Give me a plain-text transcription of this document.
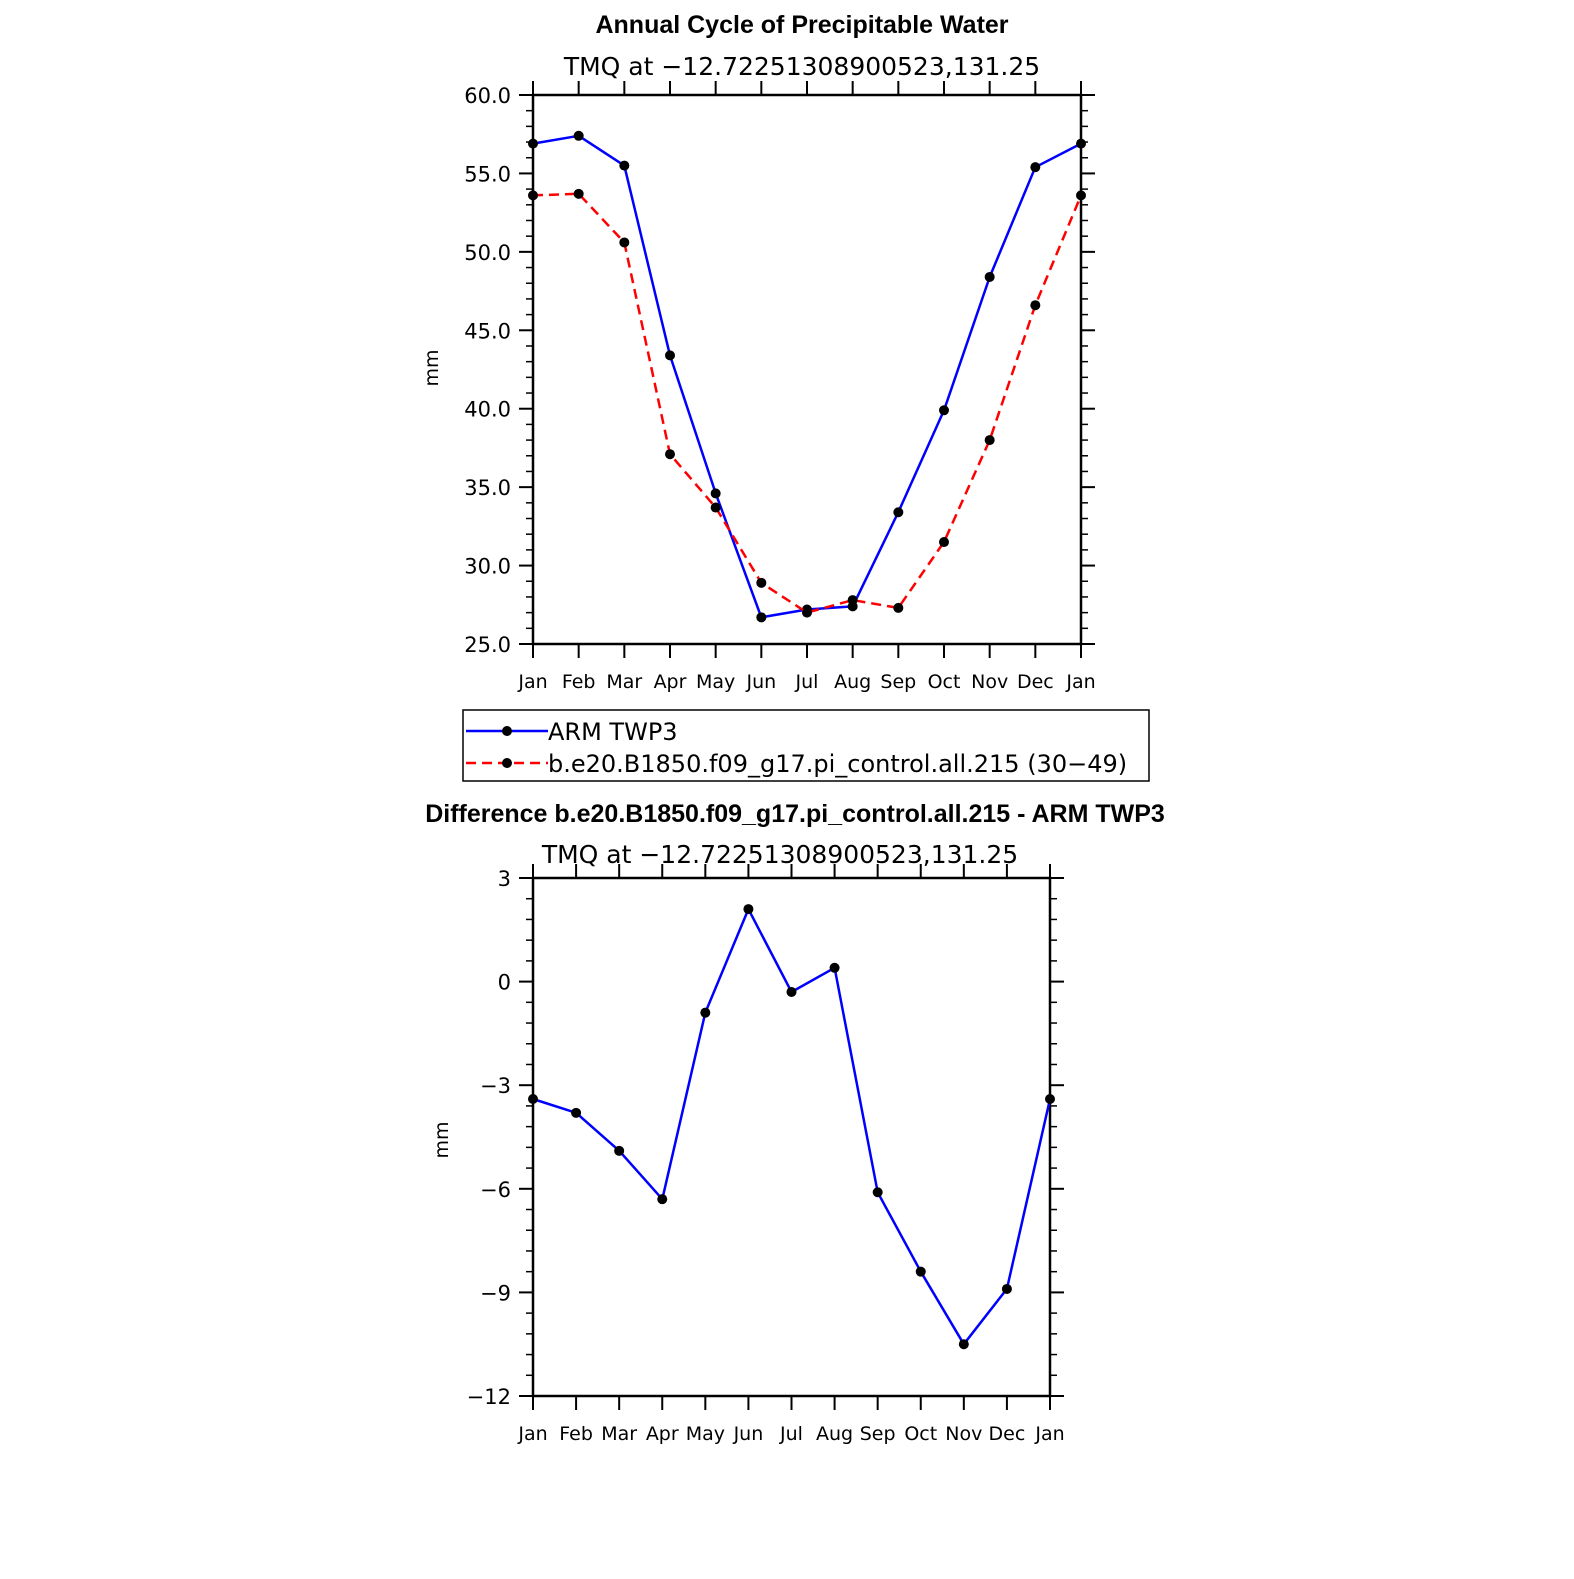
Annual Cycle of Precipitable Water
TMQ at −12.72251308900523,131.25
mm
25.0
30.0
35.0
40.0
45.0
50.0
55.0
60.0
Jan Feb Mar Apr May Jun Jul Aug Sep Oct Nov Dec Jan
ARM TWP3
b.e20.B1850.f09_g17.pi_control.all.215 (30−49)
Difference b.e20.B1850.f09_g17.pi_control.all.215 - ARM TWP3
TMQ at −12.72251308900523,131.25
mm
−12
−9
−6
−3
0
3
Jan Feb Mar Apr May Jun Jul Aug Sep Oct Nov Dec Jan
